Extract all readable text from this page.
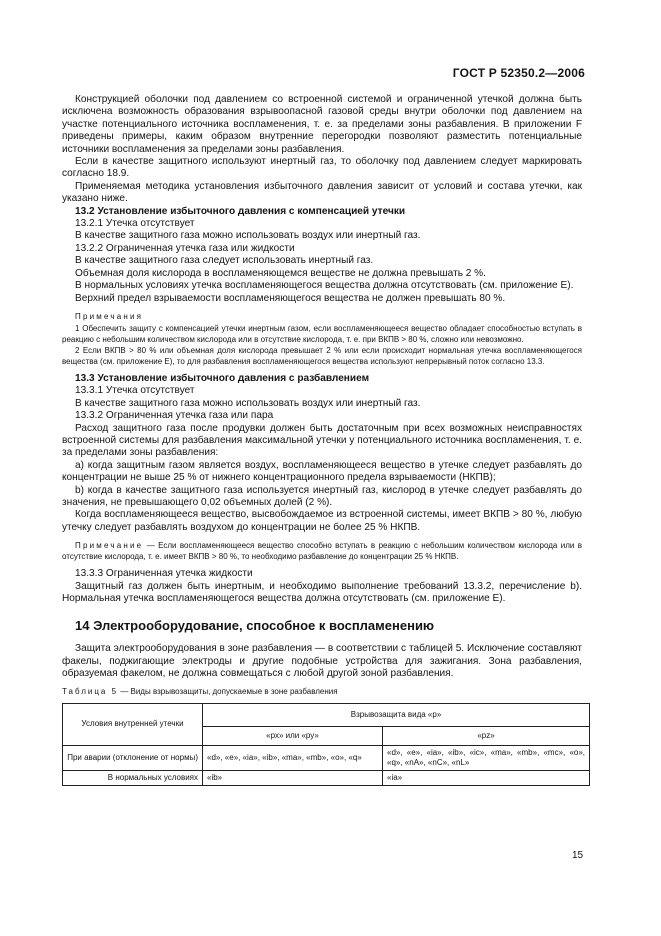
ГОСТ Р 52350.2—2006

Конструкцией оболочки под давлением со встроенной системой и ограниченной утечкой должна быть исключена возможность образования взрывоопасной газовой среды внутри оболочки под давлением на участке потенциального источника воспламенения, т. е. за пределами зоны разбавления. В приложении F приведены примеры, каким образом внутренние перегородки позволяют разместить потенциальные источники воспламенения за пределами зоны разбавления.

Если в качестве защитного используют инертный газ, то оболочку под давлением следует маркировать согласно 18.9.

Применяемая методика установления избыточного давления зависит от условий и состава утечки, как указано ниже.

13.2 Установление избыточного давления с компенсацией утечки

13.2.1 Утечка отсутствует

В качестве защитного газа можно использовать воздух или инертный газ.

13.2.2 Ограниченная утечка газа или жидкости

В качестве защитного газа следует использовать инертный газ.

Объемная доля кислорода в воспламеняющемся веществе не должна превышать 2 %.

В нормальных условиях утечка воспламеняющегося вещества должна отсутствовать (см. приложение Е).

Верхний предел взрываемости воспламеняющегося вещества не должен превышать 80 %.

Примечания

1 Обеспечить защиту с компенсацией утечки инертным газом, если воспламеняющееся вещество обладает способностью вступать в реакцию с небольшим количеством кислорода или в отсутствие кислорода, т. е. при ВКПВ > 80 %, сложно или невозможно.

2 Если ВКПВ > 80 % или объемная доля кислорода превышает 2 % или если происходит нормальная утечка воспламеняющегося вещества (см. приложение Е), то для разбавления воспламеняющегося вещества используют непрерывный поток согласно 13.3.

13.3 Установление избыточного давления с разбавлением

13.3.1 Утечка отсутствует

В качестве защитного газа можно использовать воздух или инертный газ.

13.3.2 Ограниченная утечка газа или пара

Расход защитного газа после продувки должен быть достаточным при всех возможных неисправностях встроенной системы для разбавления максимальной утечки у потенциального источника воспламенения, т. е. за пределами зоны разбавления:

а) когда защитным газом является воздух, воспламеняющееся вещество в утечке следует разбавлять до концентрации не выше 25 % от нижнего концентрационного предела взрываемости (НКПВ);

b) когда в качестве защитного газа используется инертный газ, кислород в утечке следует разбавлять до значения, не превышающего 0,02 объемных долей (2 %).

Когда воспламеняющееся вещество, высвобождаемое из встроенной системы, имеет ВКПВ > 80 %, любую утечку следует разбавлять воздухом до концентрации не более 25 % НКПВ.

Примечание — Если воспламеняющееся вещество способно вступать в реакцию с небольшим количеством кислорода или в отсутствие кислорода, т. е. имеет ВКПВ > 80 %, то необходимо разбавление до концентрации 25 % НКПВ.

13.3.3 Ограниченная утечка жидкости

Защитный газ должен быть инертным, и необходимо выполнение требований 13.3.2, перечисление b). Нормальная утечка воспламеняющегося вещества должна отсутствовать (см. приложение Е).

14 Электрооборудование, способное к воспламенению

Защита электрооборудования в зоне разбавления — в соответствии с таблицей 5. Исключение составляют факелы, поджигающие электроды и другие подобные устройства для зажигания. Зона разбавления, образуемая факелом, не должна совмещаться с любой другой зоной разбавления.

Таблица 5 — Виды взрывозащиты, допускаемые в зоне разбавления

Условия внутренней утечки	Взрывозащита вида «р»	
	«рх» или «ру»	«pz»
При аварии (отклонение от нормы)	«d», «e», «ia», «ib», «ma», «mb», «o», «q»	«d», «e», «ia», «ib», «ic», «ma», «mb», «mc», «o», «q», «nA», «nC», «nL»
В нормальных условиях	«ib»	«ia»
15
